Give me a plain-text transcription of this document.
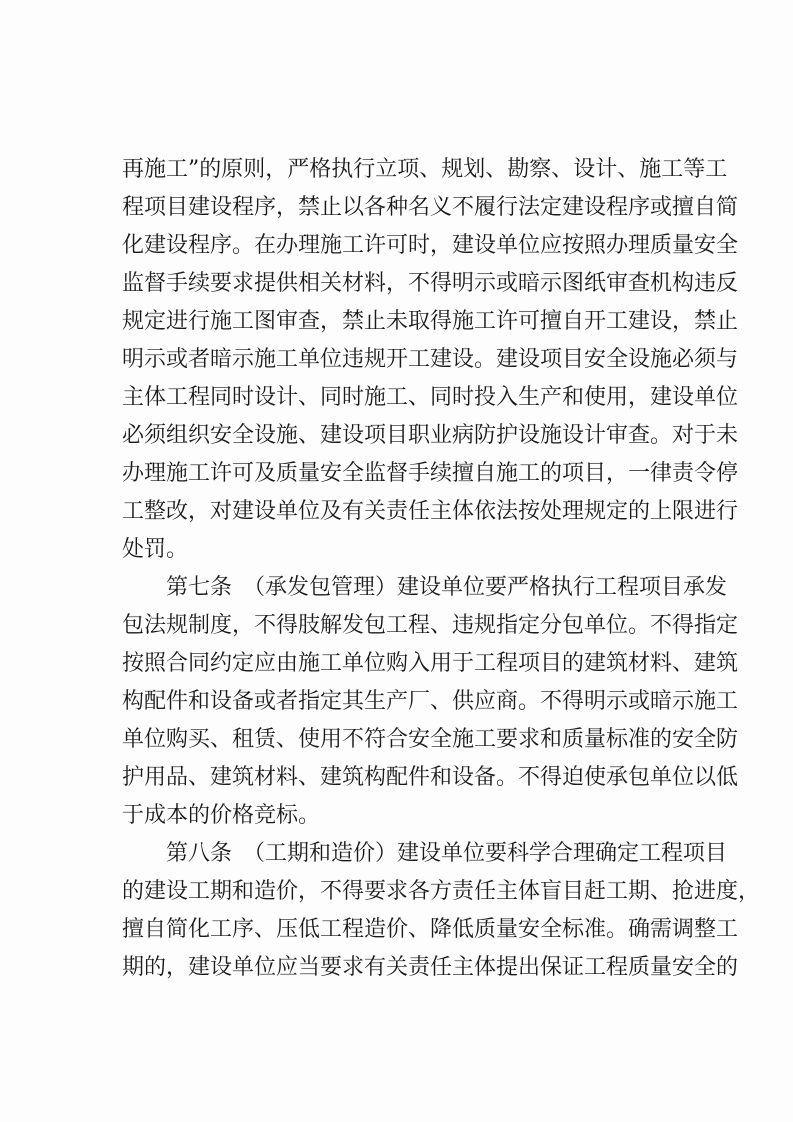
再施工”的原则，严格执行立项、规划、勘察、设计、施工等工
程项目建设程序，禁止以各种名义不履行法定建设程序或擅自简
化建设程序。在办理施工许可时，建设单位应按照办理质量安全
监督手续要求提供相关材料，不得明示或暗示图纸审查机构违反
规定进行施工图审查，禁止未取得施工许可擅自开工建设，禁止
明示或者暗示施工单位违规开工建设。建设项目安全设施必须与
主体工程同时设计、同时施工、同时投入生产和使用，建设单位
必须组织安全设施、建设项目职业病防护设施设计审查。对于未
办理施工许可及质量安全监督手续擅自施工的项目，一律责令停
工整改，对建设单位及有关责任主体依法按处理规定的上限进行
处罚。
第七条　（承发包管理）建设单位要严格执行工程项目承发
包法规制度，不得肢解发包工程、违规指定分包单位。不得指定
按照合同约定应由施工单位购入用于工程项目的建筑材料、建筑
构配件和设备或者指定其生产厂、供应商。不得明示或暗示施工
单位购买、租赁、使用不符合安全施工要求和质量标准的安全防
护用品、建筑材料、建筑构配件和设备。不得迫使承包单位以低
于成本的价格竞标。
第八条　（工期和造价）建设单位要科学合理确定工程项目
的建设工期和造价，不得要求各方责任主体盲目赶工期、抢进度，
擅自简化工序、压低工程造价、降低质量安全标准。确需调整工
期的，建设单位应当要求有关责任主体提出保证工程质量安全的
